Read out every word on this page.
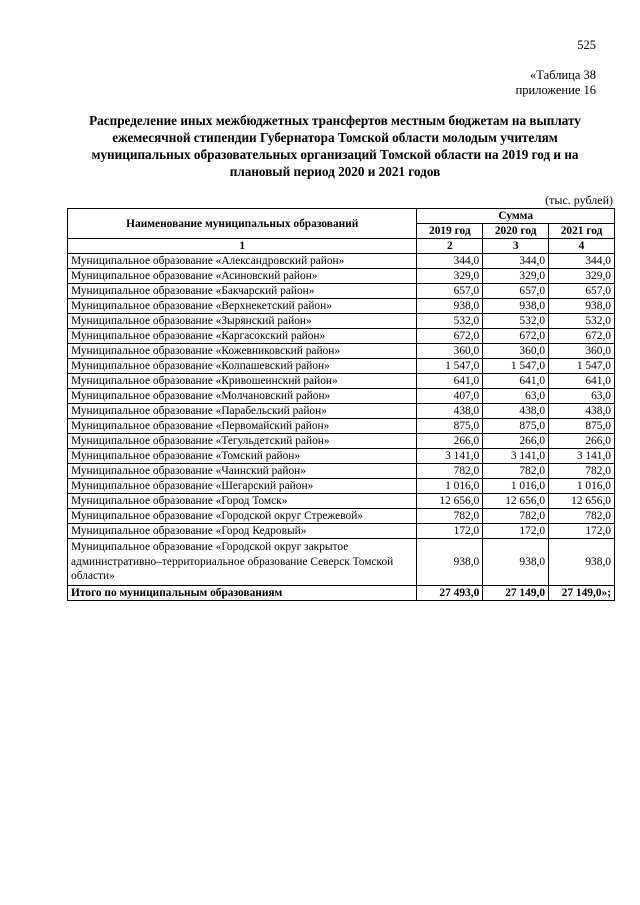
525
«Таблица 38
приложение 16
Распределение иных межбюджетных трансфертов местным бюджетам на выплату ежемесячной стипендии Губернатора Томской области молодым учителям муниципальных образовательных организаций Томской области на 2019 год и на плановый период 2020 и 2021 годов
(тыс. рублей)
Наименование муниципальных образований	Сумма		
	2019 год	2020 год	2021 год
1	2	3	4
Муниципальное образование «Александровский район»	344,0	344,0	344,0
Муниципальное образование «Асиновский район»	329,0	329,0	329,0
Муниципальное образование «Бакчарский район»	657,0	657,0	657,0
Муниципальное образование «Верхнекетский район»	938,0	938,0	938,0
Муниципальное образование «Зырянский район»	532,0	532,0	532,0
Муниципальное образование «Каргасокский район»	672,0	672,0	672,0
Муниципальное образование «Кожевниковский район»	360,0	360,0	360,0
Муниципальное образование «Колпашевский район»	1 547,0	1 547,0	1 547,0
Муниципальное образование «Кривошеинский район»	641,0	641,0	641,0
Муниципальное образование «Молчановский район»	407,0	63,0	63,0
Муниципальное образование «Парабельский район»	438,0	438,0	438,0
Муниципальное образование «Первомайский район»	875,0	875,0	875,0
Муниципальное образование «Тегульдетский район»	266,0	266,0	266,0
Муниципальное образование «Томский район»	3 141,0	3 141,0	3 141,0
Муниципальное образование «Чаинский район»	782,0	782,0	782,0
Муниципальное образование «Шегарский район»	1 016,0	1 016,0	1 016,0
Муниципальное образование «Город Томск»	12 656,0	12 656,0	12 656,0
Муниципальное образование «Городской округ Стрежевой»	782,0	782,0	782,0
Муниципальное образование «Город Кедровый»	172,0	172,0	172,0
Муниципальное образование «Городской округ закрытое административно–территориальное образование Северск Томской области»	938,0	938,0	938,0
Итого по муниципальным образованиям	27 493,0	27 149,0	27 149,0»;
